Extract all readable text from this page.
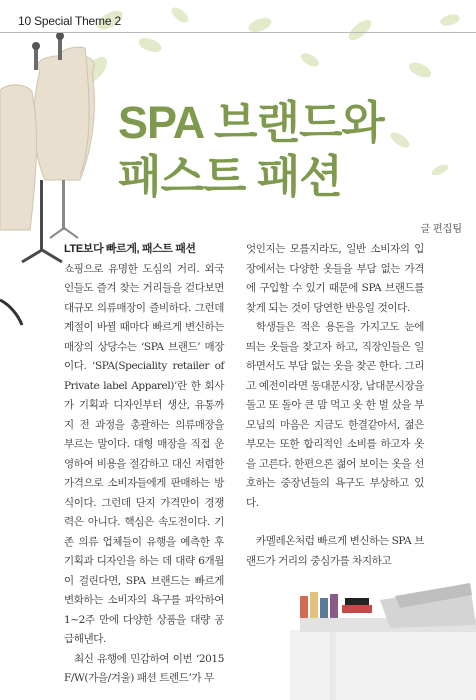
10 Special Theme 2
SPA 브랜드와
패스트 패션
글 편집팀

LTE보다 빠르게, 패스트 패션

쇼핑으로 유명한 도심의 거리. 외국인들도 즐겨 찾는 거리들을 걷다보면 대규모 의류매장이 즐비하다. 그런데 계절이 바뀔 때마다 빠르게 변신하는 매장의 상당수는 ‘SPA 브랜드’ 매장이다. ‘SPA(Speciality retailer of Private label Apparel)’란 한 회사가 기획과 디자인부터 생산, 유통까지 전 과정을 총괄하는 의류매장을 부르는 말이다. 대형 매장을 직접 운영하여 비용을 절감하고 대신 저렴한 가격으로 소비자들에게 판매하는 방식이다. 그런데 단지 가격만이 경쟁력은 아니다. 핵심은 속도전이다. 기존 의류 업체들이 유행을 예측한 후 기획과 디자인을 하는 데 대략 6개월이 걸린다면, SPA 브랜드는 빠르게 변화하는 소비자의 욕구를 파악하여 1~2주 만에 다양한 상품을 대량 공급해낸다.

최신 유행에 민감하여 이번 ‘2015 F/W(가을/겨울) 패션 트렌드’가 무

엇인지는 모를지라도, 일반 소비자의 입장에서는 다양한 옷들을 부담 없는 가격에 구입할 수 있기 때문에 SPA 브랜드를 찾게 되는 것이 당연한 반응일 것이다.

학생들은 적은 용돈을 가지고도 눈에 띄는 옷들을 찾고자 하고, 직장인들은 일하면서도 부담 없는 옷을 찾곤 한다. 그리고 예전이라면 동대문시장, 남대문시장을 돌고 또 돌아 큰 맘 먹고 옷 한 벌 샀을 부모님의 마음은 지금도 한결같아서, 젊은 부모는 또한 합리적인 소비를 하고자 옷을 고른다. 한편으론 젊어 보이는 옷을 선호하는 중장년들의 욕구도 부상하고 있다.

카멜레온처럼 빠르게 변신하는 SPA 브랜드가 거리의 중심가를 차지하고
